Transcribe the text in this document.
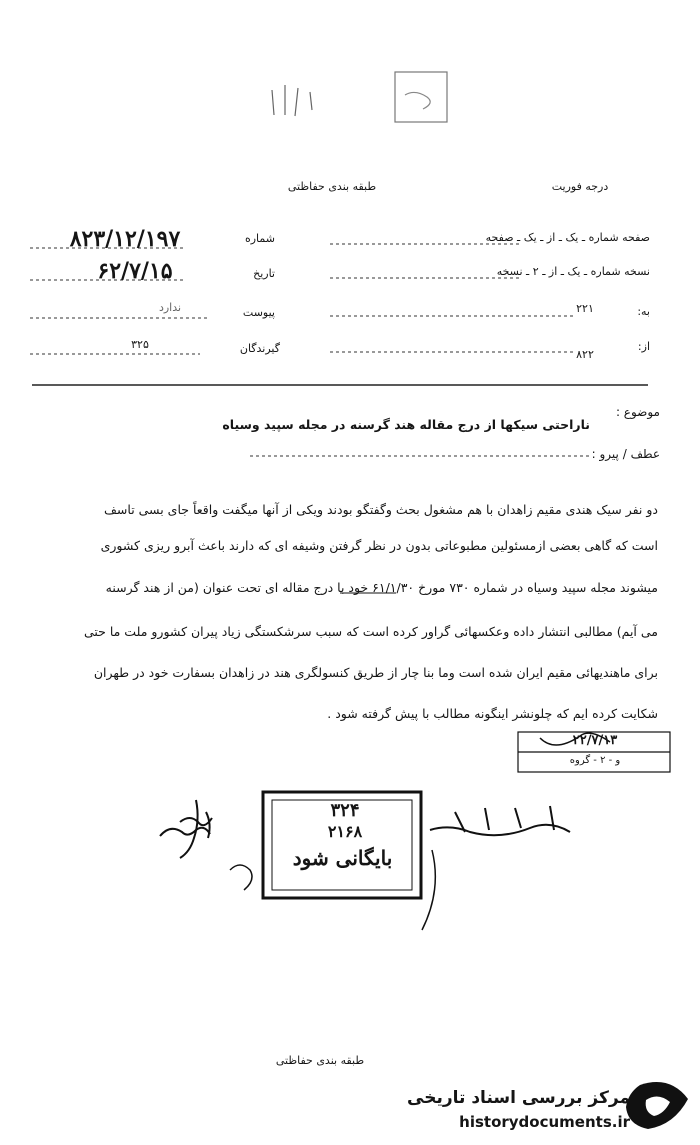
طبقه بندی حفاظتی	درجه فوریت
شماره
۸۲۳/۱۲/۱۹۷
تاریخ
۶۲/۷/۱۵
پیوست
ندارد
گیرندگان
۳۲۵
صفحه شماره ـ یک ـ از ـ یک ـ صفحه
نسخه شماره ـ یک ـ از ـ ۲ ـ نسخه
به:
۲۲۱
از:
۸۲۲
موضوع :
ناراحتی سیکها از درج مقاله هند گرسنه در مجله سپید وسیاه
عطف / پیرو :
دو نفر سیک هندی مقیم زاهدان با هم مشغول بحث وگفتگو بودند ویکی از آنها میگفت واقعاً جای بسی تاسف
است که گاهی بعضی ازمسئولین مطبوعاتی بدون در نظر گرفتن وشیفه ای که دارند باعث آبرو ریزی کشوری
میشوند مجله سپید وسیاه در شماره ۷۳۰ مورخ ۶۱/۱/۳۰ خود با درج مقاله ای تحت عنوان (من از هند گرسنه
می آیم) مطالبی انتشار داده وعکسهائی گراور کرده است که سبب سرشکستگی زیاد پیران کشورو ملت ما حتی
برای ماهندیهائی مقیم ایران شده است وما بنا چار از طریق کنسولگری هند در زاهدان بسفارت خود در طهران
شکایت کرده ایم که چلونشر اینگونه مطالب با پیش گرفته شود .
۲۲/۷/۱۳
و - ۲ - گروه
۳۲۴
۲۱۶۸
بایگانی شود
طبقه بندی حفاظتی
مرکز بررسی اسناد تاریخی
historydocuments.ir
